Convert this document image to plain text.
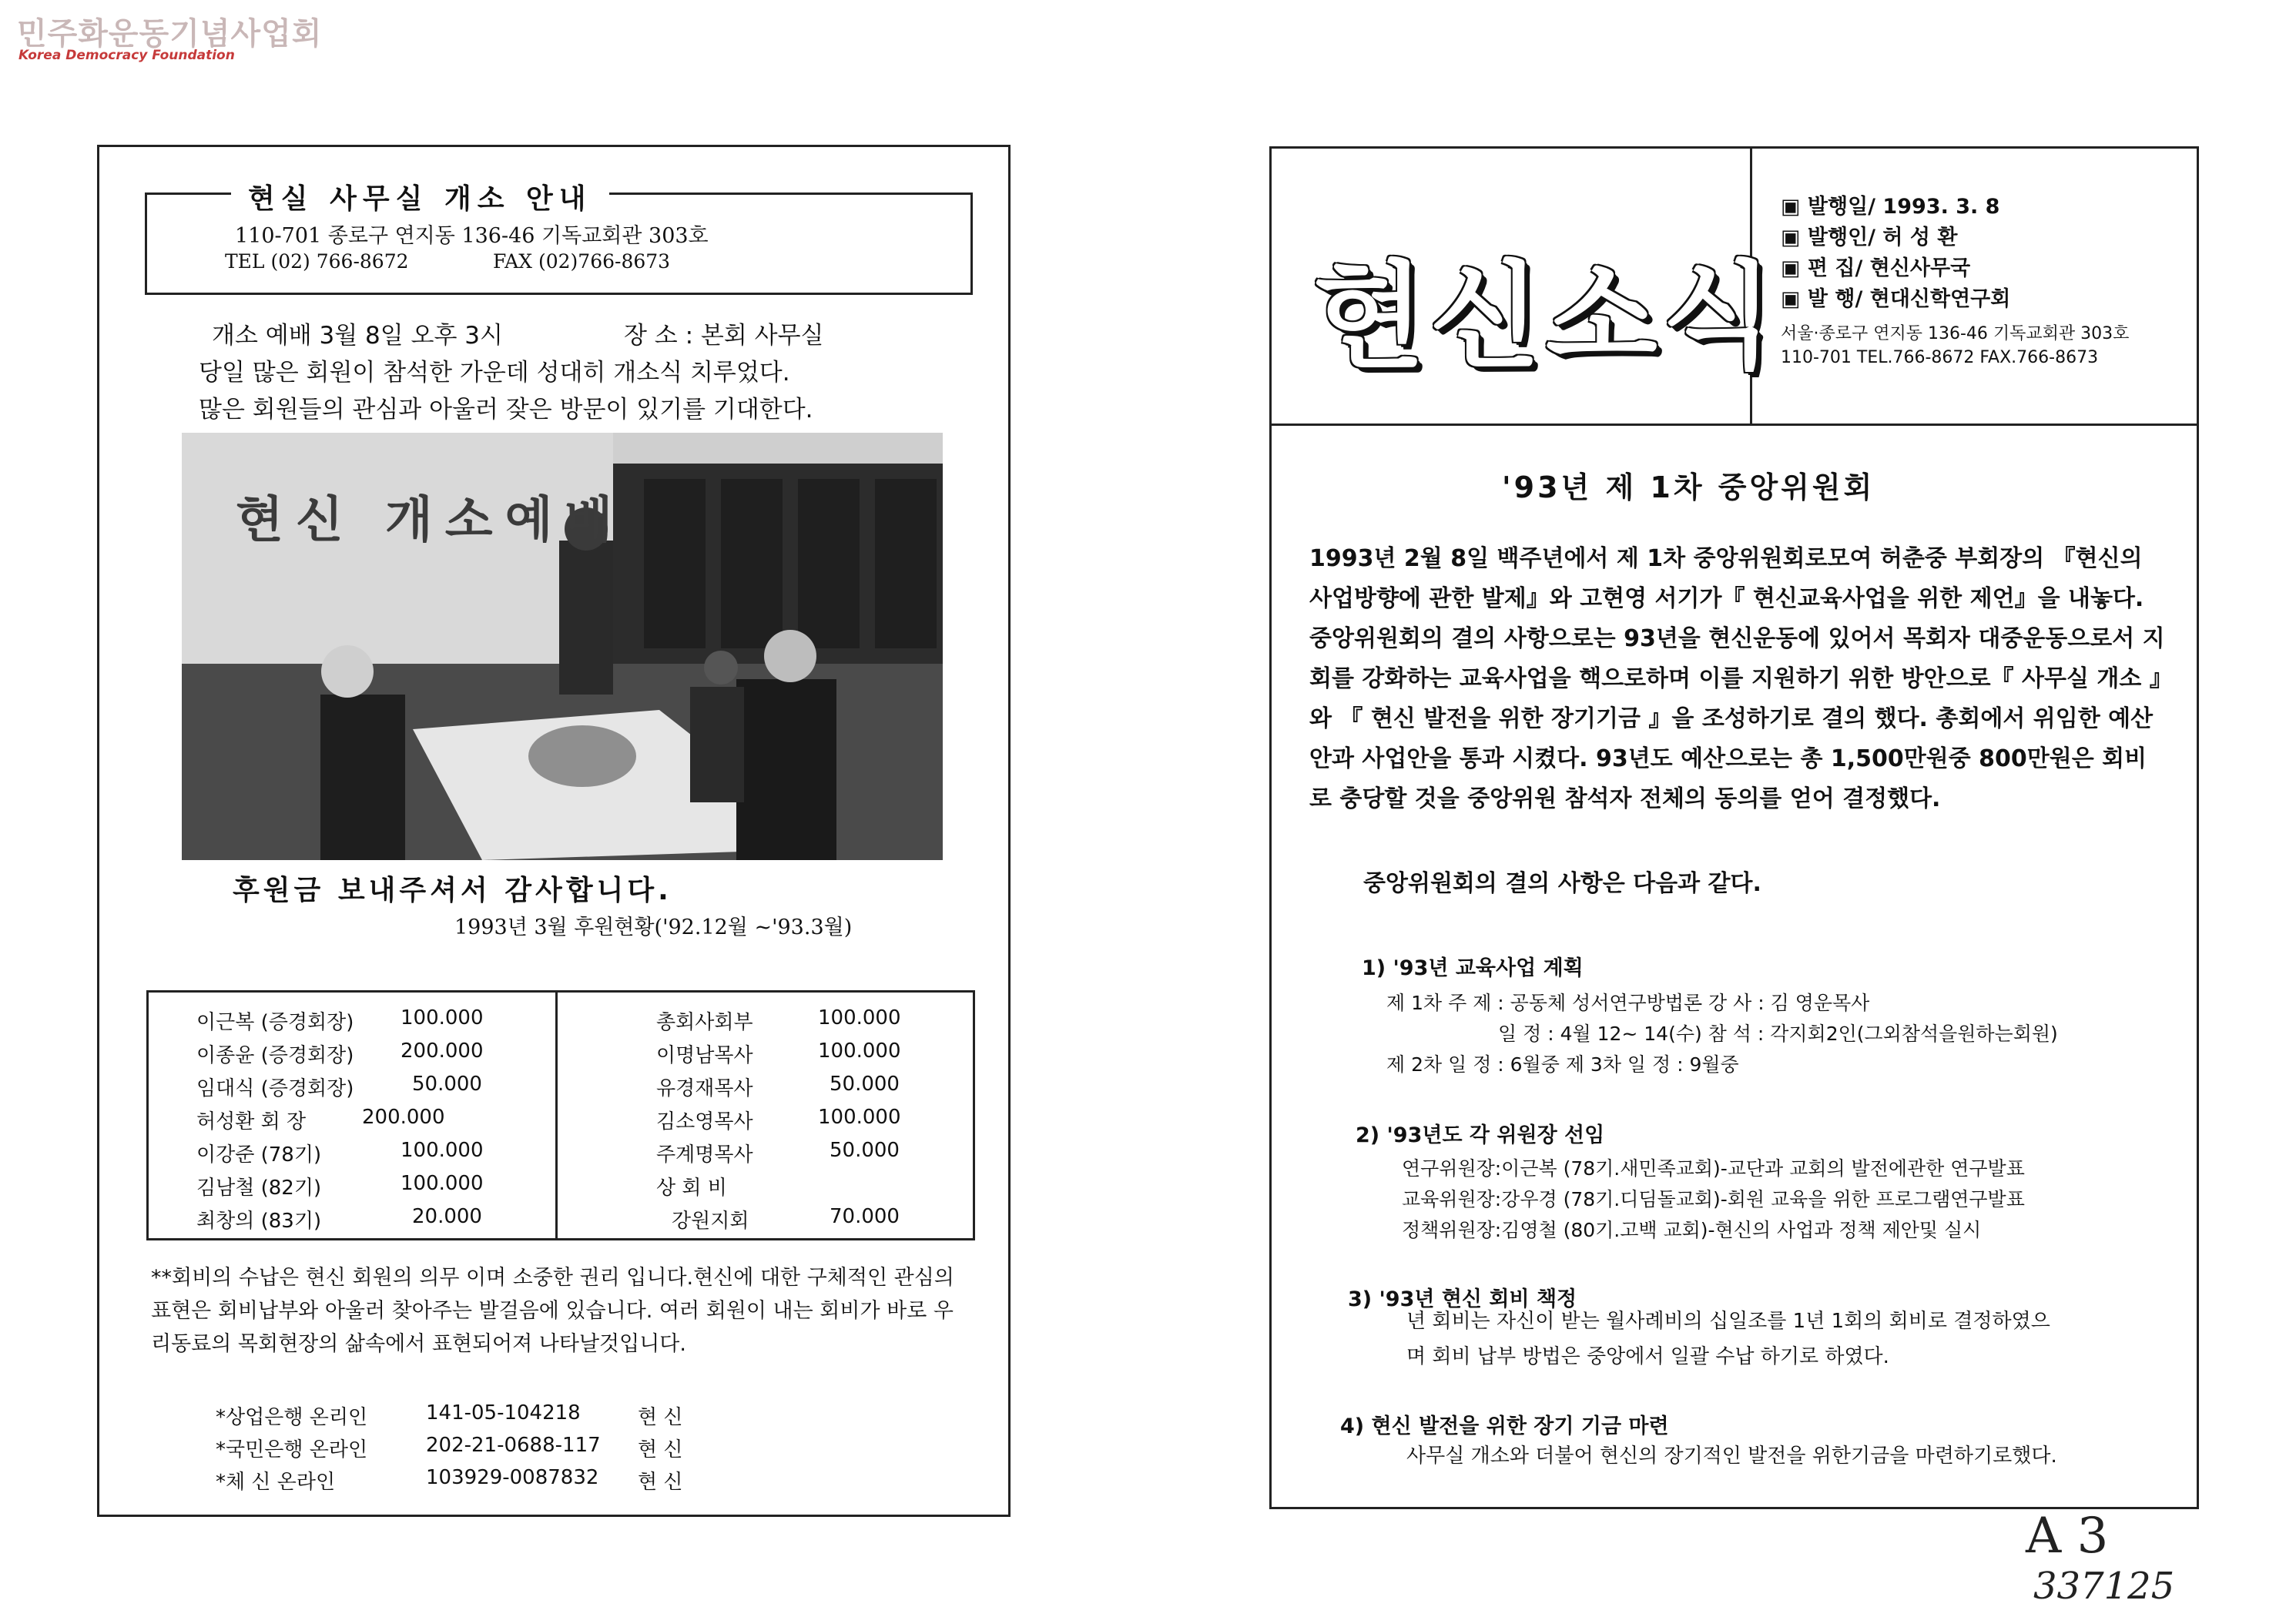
민주화운동기념사업회
Korea Democracy Foundation
현실 사무실 개소 안내
110-701 종로구 연지동 136-46 기독교회관 303호
TEL (02) 766-8672	FAX (02)766-8673
개소 예배 3월 8일 오후 3시	장 소 : 본회 사무실
당일 많은 회원이 참석한 가운데 성대히 개소식 치루었다.
많은 회원들의 관심과 아울러 잦은 방문이 있기를 기대한다.
현신 개소예배
후원금 보내주셔서 감사합니다.
1993년 3월 후원현황('92.12월 ~'93.3월)
이근복 (증경회장) 100.000
이종윤 (증경회장) 200.000
임대식 (증경회장)	50.000
허성환 회 장	200.000
이강준 (78기)	100.000
김남철 (82기)	100.000
최창의 (83기)	20.000
총회사회부	100.000
이명남목사	100.000
유경재목사	50.000
김소영목사	100.000
주계명목사	50.000
상 회 비
강원지회	70.000
**회비의 수납은 현신 회원의 의무 이며 소중한 권리 입니다.현신에 대한 구체적인 관심의 표현은 회비납부와 아울러 찾아주는 발걸음에 있습니다. 여러 회원이 내는 회비가 바로 우리동료의 목회현장의 삶속에서 표현되어져 나타날것입니다.
*상업은행 온리인	141-05-104218	현 신
*국민은행 온라인	202-21-0688-117 현 신
*체 신 온라인	103929-0087832 현 신
현신소식
▣ 발행일/ 1993. 3. 8
▣ 발행인/ 허 성 환
▣ 편 집/ 현신사무국
▣ 발 행/ 현대신학연구회
서울·종로구 연지동 136-46 기독교회관 303호
110-701 TEL.766-8672 FAX.766-8673
'93년 제 1차 중앙위원회
1993년 2월 8일 백주년에서 제 1차 중앙위원회로모여 허춘중 부회장의 『현신의 사업방향에 관한 발제』와 고현영 서기가『 현신교육사업을 위한 제언』을 내놓다. 중앙위원회의 결의 사항으로는 93년을 현신운동에 있어서 목회자 대중운동으로서 지회를 강화하는 교육사업을 핵으로하며 이를 지원하기 위한 방안으로『 사무실 개소 』와 『 현신 발전을 위한 장기기금 』을 조성하기로 결의 했다. 총회에서 위임한 예산안과 사업안을 통과 시켰다. 93년도 예산으로는 총 1,500만원중 800만원은 회비로 충당할 것을 중앙위원 참석자 전체의 동의를 얻어 결정했다.
중앙위원회의 결의 사항은 다음과 같다.
1) '93년 교육사업 계획
제 1차 주 제 : 공동체 성서연구방법론 강 사 : 김 영운목사
일 정 : 4월 12~ 14(수) 참 석 : 각지회2인(그외참석을원하는회원)
제 2차 일 정 : 6월중 제 3차 일 정 : 9월중
2) '93년도 각 위원장 선임
연구위원장:이근복 (78기.새민족교회)-교단과 교회의 발전에관한 연구발표
교육위원장:강우경 (78기.디딤돌교회)-회원 교육을 위한 프로그램연구발표
정책위원장:김영철 (80기.고백 교회)-현신의 사업과 정책 제안및 실시
3) '93년 현신 회비 책정
년 회비는 자신이 받는 월사례비의 십일조를 1년 1회의 회비로 결정하였으
며 회비 납부 방법은 중앙에서 일괄 수납 하기로 하였다.
4) 현신 발전을 위한 장기 기금 마련
사무실 개소와 더불어 현신의 장기적인 발전을 위한기금을 마련하기로했다.
A 3
337125
